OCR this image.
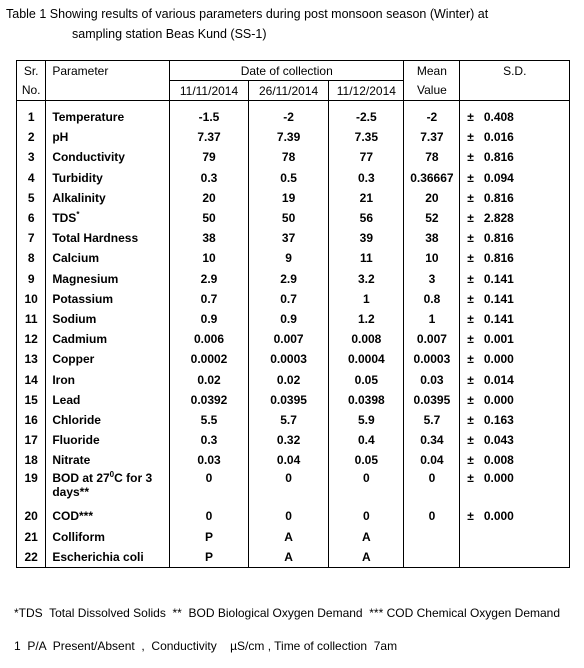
Table 1 Showing results of various parameters during post monsoon season (Winter) at
sampling station Beas Kund (SS-1)
Sr.	Parameter	Date of collection			Mean	S.D.
No.		11/11/2014	26/11/2014	11/12/2014	Value	

1	Temperature	-1.5	-2	-2.5	-2	± 0.408
2	pH	7.37	7.39	7.35	7.37	± 0.016
3	Conductivity	79	78	77	78	± 0.816
4	Turbidity	0.3	0.5	0.3	0.36667	± 0.094
5	Alkalinity	20	19	21	20	± 0.816
6	TDS*	50	50	56	52	± 2.828
7	Total Hardness	38	37	39	38	± 0.816
8	Calcium	10	9	11	10	± 0.816
9	Magnesium	2.9	2.9	3.2	3	± 0.141
10	Potassium	0.7	0.7	1	0.8	± 0.141
11	Sodium	0.9	0.9	1.2	1	± 0.141
12	Cadmium	0.006	0.007	0.008	0.007	± 0.001
13	Copper	0.0002	0.0003	0.0004	0.0003	± 0.000
14	Iron	0.02	0.02	0.05	0.03	± 0.014
15	Lead	0.0392	0.0395	0.0398	0.0395	± 0.000
16	Chloride	5.5	5.7	5.9	5.7	± 0.163
17	Fluoride	0.3	0.32	0.4	0.34	± 0.043
18	Nitrate	0.03	0.04	0.05	0.04	± 0.008

19	BOD at $27^0C$ for 3 days**	0	0	0	0	± 0.000

20	COD***	0	0	0	0	± 0.000
21	Colliform	P	A	A		
22	Escherichia coli	P	A	A		
*TDS  Total Dissolved Solids  **  BOD Biological Oxygen Demand  *** COD Chemical Oxygen Demand
1  P/A  Present/Absent  ,  Conductivity    µS/cm , Time of collection  7am
